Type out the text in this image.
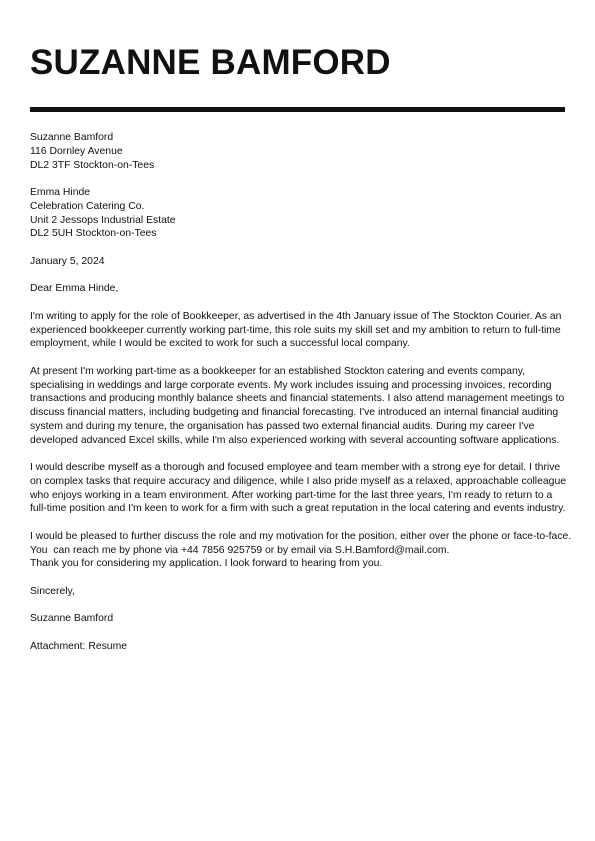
SUZANNE BAMFORD
Suzanne Bamford
116 Dornley Avenue
DL2 3TF Stockton-on-Tees
Emma Hinde
Celebration Catering Co.
Unit 2 Jessops Industrial Estate
DL2 5UH Stockton-on-Tees
January 5, 2024
Dear Emma Hinde,

I'm writing to apply for the role of Bookkeeper, as advertised in the 4th January issue of The Stockton Courier. As an experienced bookkeeper currently working part-time, this role suits my skill set and my ambition to return to full-time employment, while I would be excited to work for such a successful local company.

At present I'm working part-time as a bookkeeper for an established Stockton catering and events company, specialising in weddings and large corporate events. My work includes issuing and processing invoices, recording transactions and producing monthly balance sheets and financial statements. I also attend management meetings to discuss financial matters, including budgeting and financial forecasting. I've introduced an internal financial auditing system and during my tenure, the organisation has passed two external financial audits. During my career I've developed advanced Excel skills, while I'm also experienced working with several accounting software applications.

I would describe myself as a thorough and focused employee and team member with a strong eye for detail. I thrive on complex tasks that require accuracy and diligence, while I also pride myself as a relaxed, approachable colleague who enjoys working in a team environment. After working part-time for the last three years, I'm ready to return to a full-time position and I'm keen to work for a firm with such a great reputation in the local catering and events industry.

I would be pleased to further discuss the role and my motivation for the position, either over the phone or face-to-face.
You  can reach me by phone via +44 7856 925759 or by email via S.H.Bamford@mail.com.
Thank you for considering my application. I look forward to hearing from you.
Sincerely,
Suzanne Bamford
Attachment: Resume
